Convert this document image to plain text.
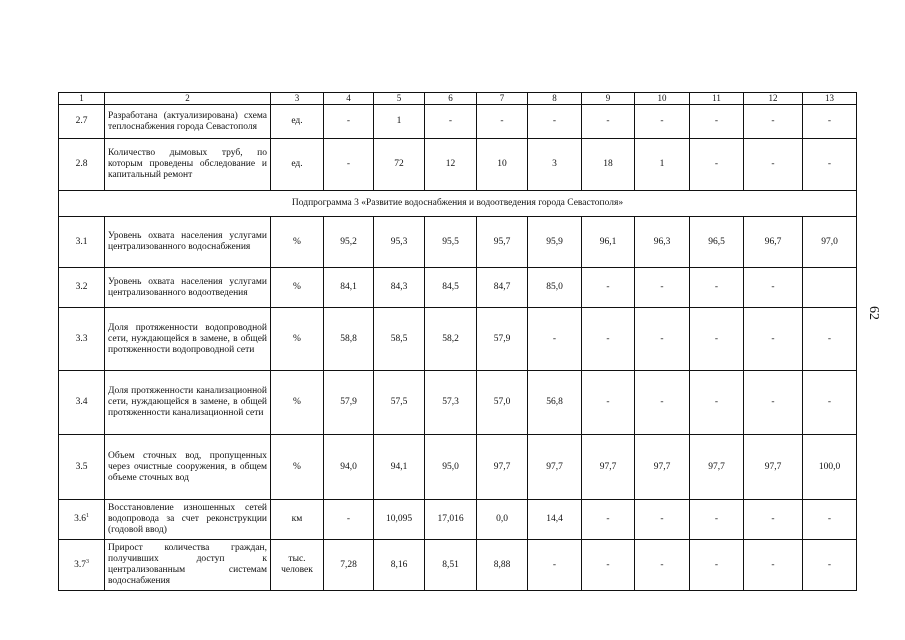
1	2	3	4	5	6	7	8	9	10	11	12	13
2.7	Разработана (актуализирована) схема теплоснабжения города Севастополя	ед.	-	1	-	-	-	-	-	-	-	-
2.8	Количество дымовых труб, по которым проведены обследование и капитальный ремонт	ед.	-	72	12	10	3	18	1	-	-	-
Подпрограмма 3 «Развитие водоснабжения и водоотведения города Севастополя»												
3.1	Уровень охвата населения услугами централизованного водоснабжения	%	95,2	95,3	95,5	95,7	95,9	96,1	96,3	96,5	96,7	97,0
3.2	Уровень охвата населения услугами централизованного водоотведения	%	84,1	84,3	84,5	84,7	85,0	-	-	-	-	
3.3	Доля протяженности водопроводной сети, нуждающейся в замене, в общей протяженности водопроводной сети	%	58,8	58,5	58,2	57,9	-	-	-	-	-	-
3.4	Доля протяженности канализационной сети, нуждающейся в замене, в общей протяженности канализационной сети	%	57,9	57,5	57,3	57,0	56,8	-	-	-	-	-
3.5	Объем сточных вод, пропущенных через очистные сооружения, в общем объеме сточных вод	%	94,0	94,1	95,0	97,7	97,7	97,7	97,7	97,7	97,7	100,0
$3.6^1$	Восстановление изношенных сетей водопровода за счет реконструкции (годовой ввод)	км	-	10,095	17,016	0,0	14,4	-	-	-	-	-
$3.7^3$	Прирост количества граждан, получивших доступ к централизованным системам водоснабжения	тыс. человек	7,28	8,16	8,51	8,88	-	-	-	-	-	-
62
